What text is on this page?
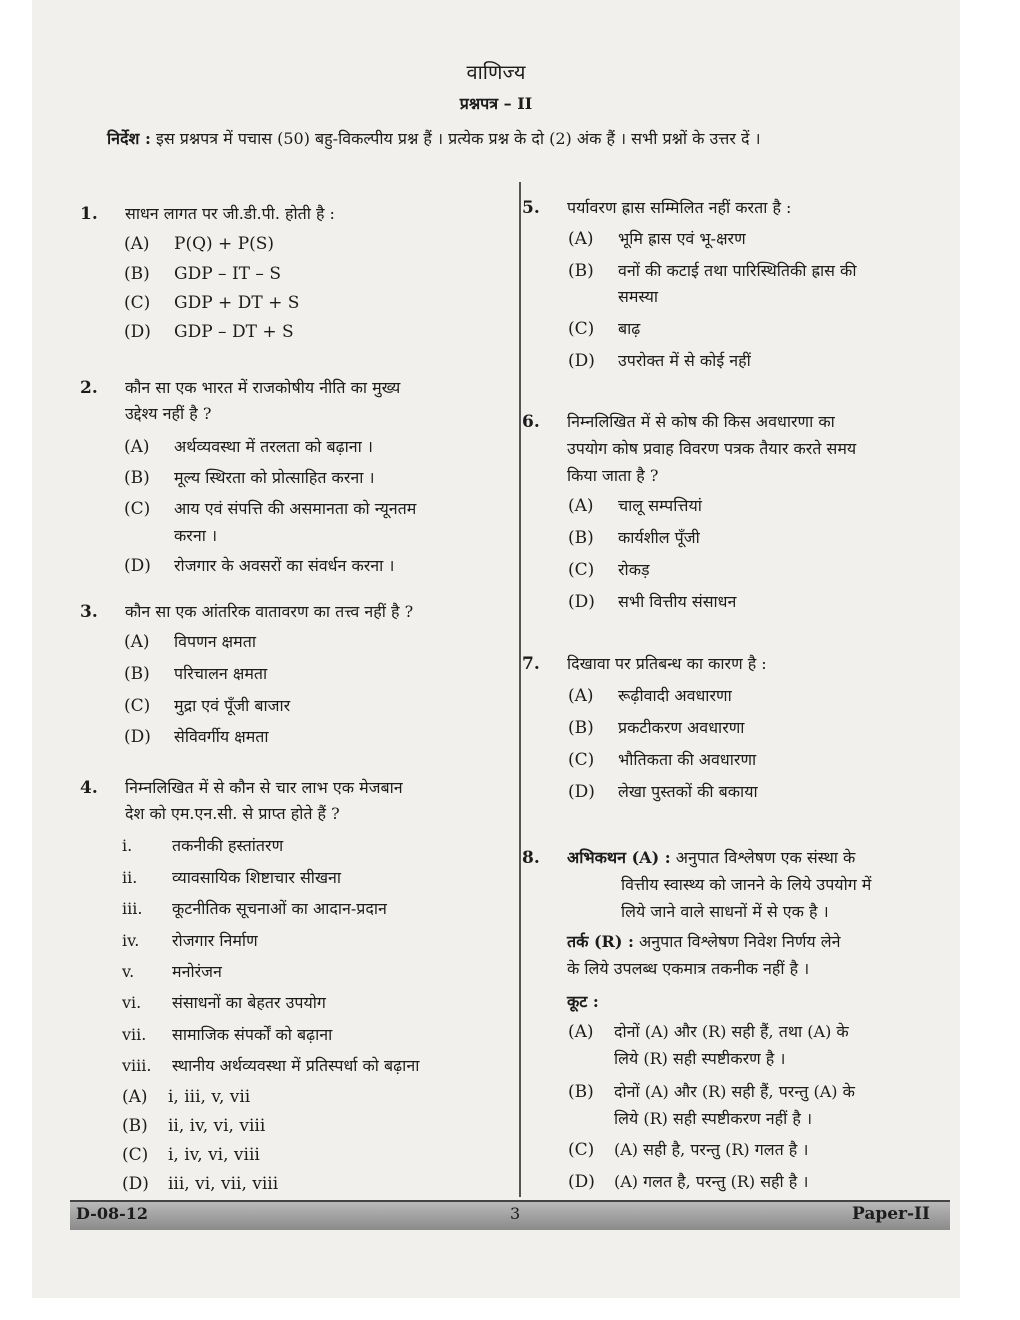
वाणिज्य
प्रश्नपत्र – II
निर्देश : इस प्रश्नपत्र में पचास (50) बहु-विकल्पीय प्रश्न हैं । प्रत्येक प्रश्न के दो (2) अंक हैं । सभी प्रश्नों के उत्तर दें ।
1. साधन लागत पर जी.डी.पी. होती है :
(A) P(Q) + P(S)
(B) GDP – IT – S
(C) GDP + DT + S
(D) GDP – DT + S
2. कौन सा एक भारत में राजकोषीय नीति का मुख्य
उद्देश्य नहीं है ?
(A) अर्थव्यवस्था में तरलता को बढ़ाना ।
(B) मूल्य स्थिरता को प्रोत्साहित करना ।
(C) आय एवं संपत्ति की असमानता को न्यूनतम
करना ।
(D) रोजगार के अवसरों का संवर्धन करना ।
3. कौन सा एक आंतरिक वातावरण का तत्त्व नहीं है ?
(A) विपणन क्षमता
(B) परिचालन क्षमता
(C) मुद्रा एवं पूँजी बाजार
(D) सेविवर्गीय क्षमता
4. निम्नलिखित में से कौन से चार लाभ एक मेजबान
देश को एम.एन.सी. से प्राप्त होते हैं ?
i. तकनीकी हस्तांतरण
ii. व्यावसायिक शिष्टाचार सीखना
iii. कूटनीतिक सूचनाओं का आदान-प्रदान
iv. रोजगार निर्माण
v. मनोरंजन
vi. संसाधनों का बेहतर उपयोग
vii. सामाजिक संपर्कों को बढ़ाना
viii. स्थानीय अर्थव्यवस्था में प्रतिस्पर्धा को बढ़ाना
(A) i, iii, v, vii
(B) ii, iv, vi, viii
(C) i, iv, vi, viii
(D) iii, vi, vii, viii
5. पर्यावरण ह्रास सम्मिलित नहीं करता है :
(A) भूमि ह्रास एवं भू-क्षरण
(B) वनों की कटाई तथा पारिस्थितिकी ह्रास की
समस्या
(C) बाढ़
(D) उपरोक्त में से कोई नहीं
6. निम्नलिखित में से कोष की किस अवधारणा का
उपयोग कोष प्रवाह विवरण पत्रक तैयार करते समय
किया जाता है ?
(A) चालू सम्पत्तियां
(B) कार्यशील पूँजी
(C) रोकड़
(D) सभी वित्तीय संसाधन
7. दिखावा पर प्रतिबन्ध का कारण है :
(A) रूढ़ीवादी अवधारणा
(B) प्रकटीकरण अवधारणा
(C) भौतिकता की अवधारणा
(D) लेखा पुस्तकों की बकाया
8. अभिकथन (A) : अनुपात विश्लेषण एक संस्था के
वित्तीय स्वास्थ्य को जानने के लिये उपयोग में
लिये जाने वाले साधनों में से एक है ।
तर्क (R) : अनुपात विश्लेषण निवेश निर्णय लेने
के लिये उपलब्ध एकमात्र तकनीक नहीं है ।
कूट :
(A) दोनों (A) और (R) सही हैं, तथा (A) के
लिये (R) सही स्पष्टीकरण है ।
(B) दोनों (A) और (R) सही हैं, परन्तु (A) के
लिये (R) सही स्पष्टीकरण नहीं है ।
(C) (A) सही है, परन्तु (R) गलत है ।
(D) (A) गलत है, परन्तु (R) सही है ।
D-08-12	3	Paper-II
